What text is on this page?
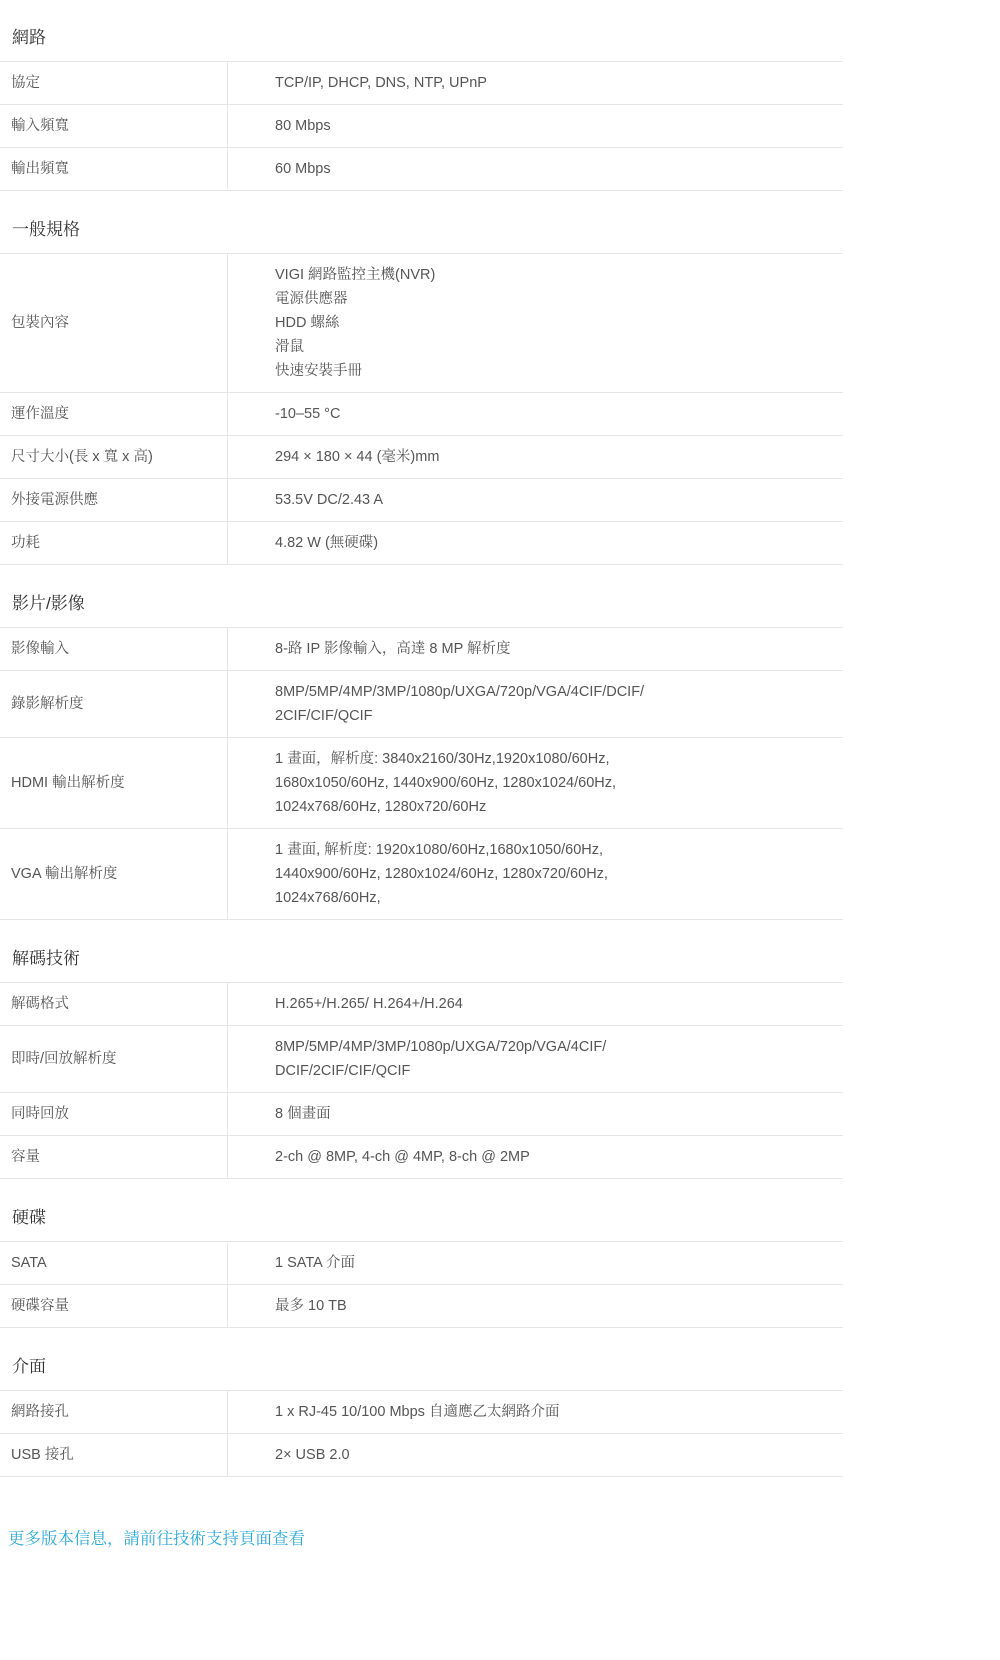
網路
協定	TCP/IP, DHCP, DNS, NTP, UPnP

輸入頻寬	80 Mbps

輸出頻寬	60 Mbps
一般規格
包裝內容	VIGI 網路監控主機(NVR)
電源供應器
HDD 螺絲
滑鼠
快速安裝手冊

運作溫度	-10–55 °C

尺寸大小(長 x 寬 x 高)	294 × 180 × 44 (毫米)mm

外接電源供應	53.5V DC/2.43 A

功耗	4.82 W (無硬碟)
影片/影像
影像輸入	8-路 IP 影像輸入，高達 8 MP 解析度

錄影解析度	8MP/5MP/4MP/3MP/1080p/UXGA/720p/VGA/4CIF/DCIF/
2CIF/CIF/QCIF

HDMI 輸出解析度	1 畫面，解析度: 3840x2160/30Hz,1920x1080/60Hz,
1680x1050/60Hz, 1440x900/60Hz, 1280x1024/60Hz,
1024x768/60Hz, 1280x720/60Hz

VGA 輸出解析度	1 畫面, 解析度: 1920x1080/60Hz,1680x1050/60Hz,
1440x900/60Hz, 1280x1024/60Hz, 1280x720/60Hz,
1024x768/60Hz,
解碼技術
解碼格式	H.265+/H.265/ H.264+/H.264

即時/回放解析度	8MP/5MP/4MP/3MP/1080p/UXGA/720p/VGA/4CIF/
DCIF/2CIF/CIF/QCIF

同時回放	8 個畫面

容量	2-ch @ 8MP, 4-ch @ 4MP, 8-ch @ 2MP
硬碟
SATA	1 SATA 介面

硬碟容量	最多 10 TB
介面
網路接孔	1 x RJ-45 10/100 Mbps 自適應乙太網路介面

USB 接孔	2× USB 2.0
更多版本信息，請前往技術支持頁面查看
